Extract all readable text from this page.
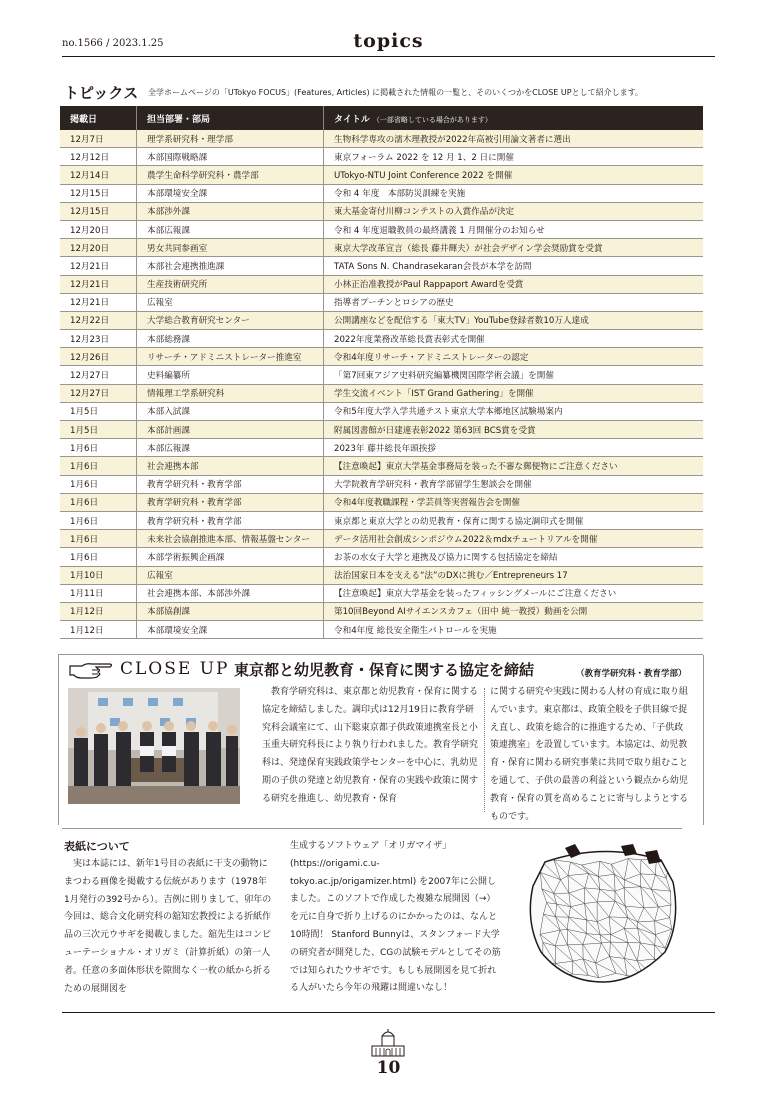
no.1566 / 2023.1.25	topics
トピックス 全学ホームページの「UTokyo FOCUS」(Features, Articles) に掲載された情報の一覧と、そのいくつかをCLOSE UPとして紹介します。
掲載日	担当部署・部局	タイトル （一部省略している場合があります）
12月7日	理学系研究科・理学部	生物科学専攻の濡木理教授が2022年高被引用論文著者に選出
12月12日	本部国際戦略課	東京フォーラム 2022 を 12 月 1、2 日に開催
12月14日	農学生命科学研究科・農学部	UTokyo-NTU Joint Conference 2022 を開催
12月15日	本部環境安全課	令和 4 年度　本部防災訓練を実施
12月15日	本部渉外課	東大基金寄付川柳コンテストの入賞作品が決定
12月20日	本部広報課	令和 4 年度退職教員の最終講義 1 月開催分のお知らせ
12月20日	男女共同参画室	東京大学改革宣言（総長 藤井輝夫）が社会デザイン学会奨励賞を受賞
12月21日	本部社会連携推進課	TATA Sons N. Chandrasekaran会長が本学を訪問
12月21日	生産技術研究所	小林正治准教授がPaul Rappaport Awardを受賞
12月21日	広報室	指導者プーチンとロシアの歴史
12月22日	大学総合教育研究センター	公開講座などを配信する「東大TV」YouTube登録者数10万人達成
12月23日	本部総務課	2022年度業務改革総長賞表彰式を開催
12月26日	リサーチ・アドミニストレーター推進室	令和4年度リサーチ・アドミニストレーターの認定
12月27日	史料編纂所	「第7回東アジア史料研究編纂機関国際学術会議」を開催
12月27日	情報理工学系研究科	学生交流イベント「IST Grand Gathering」を開催
1月5日	本部入試課	令和5年度大学入学共通テスト東京大学本郷地区試験場案内
1月5日	本部計画課	附属図書館が日建連表彰2022 第63回 BCS賞を受賞
1月6日	本部広報課	2023年 藤井総長年頭挨拶
1月6日	社会連携本部	【注意喚起】東京大学基金事務局を装った不審な郵便物にご注意ください
1月6日	教育学研究科・教育学部	大学院教育学研究科・教育学部留学生懇談会を開催
1月6日	教育学研究科・教育学部	令和4年度教職課程・学芸員等実習報告会を開催
1月6日	教育学研究科・教育学部	東京都と東京大学との幼児教育・保育に関する協定調印式を開催
1月6日	未来社会協創推進本部、情報基盤センター	データ活用社会創成シンポジウム2022＆mdxチュートリアルを開催
1月6日	本部学術振興企画課	お茶の水女子大学と連携及び協力に関する包括協定を締結
1月10日	広報室	法治国家日本を支える“法”のDXに挑む／Entrepreneurs 17
1月11日	社会連携本部、本部渉外課	【注意喚起】東京大学基金を装ったフィッシングメールにご注意ください
1月12日	本部協創課	第10回Beyond AIサイエンスカフェ（田中 純一教授）動画を公開
1月12日	本部環境安全課	令和4年度 総長安全衛生パトロールを実施
CLOSE UP 東京都と幼児教育・保育に関する協定を締結	（教育学研究科・教育学部）
教育学研究科は、東京都と幼児教育・保育に関する協定を締結しました。調印式は12月19日に教育学研究科会議室にて、山下聡東京都子供政策連携室長と小玉重夫研究科長により執り行われました。教育学研究科は、発達保育実践政策学センターを中心に、乳幼児期の子供の発達と幼児教育・保育の実践や政策に関する研究を推進し、幼児教育・保育
に関する研究や実践に関わる人材の育成に取り組んでいます。東京都は、政策全般を子供目線で捉え直し、政策を総合的に推進するため、「子供政策連携室」を設置しています。本協定は、幼児教育・保育に関わる研究事業に共同で取り組むことを通して、子供の最善の利益という観点から幼児教育・保育の質を高めることに寄与しようとするものです。
表紙について
実は本誌には、新年1号目の表紙に干支の動物にまつわる画像を掲載する伝統があります（1978年1月発行の392号から）。吉例に則りまして、卯年の今回は、総合文化研究科の舘知宏教授による折紙作品の三次元ウサギを掲載しました。舘先生はコンピューテーショナル・オリガミ（計算折紙）の第一人者。任意の多面体形状を隙間なく一枚の紙から折るための展開図を
生成するソフトウェア「オリガマイザ」(https://origami.c.u-tokyo.ac.jp/origamizer.html) を2007年に公開しました。このソフトで作成した複雑な展開図（→）を元に自身で折り上げるのにかかったのは、なんと10時間！ Stanford Bunnyは、スタンフォード大学の研究者が開発した、CGの試験モデルとしてその筋では知られたウサギです。もしも展開図を見て折れる人がいたら今年の飛躍は間違いなし！
10
